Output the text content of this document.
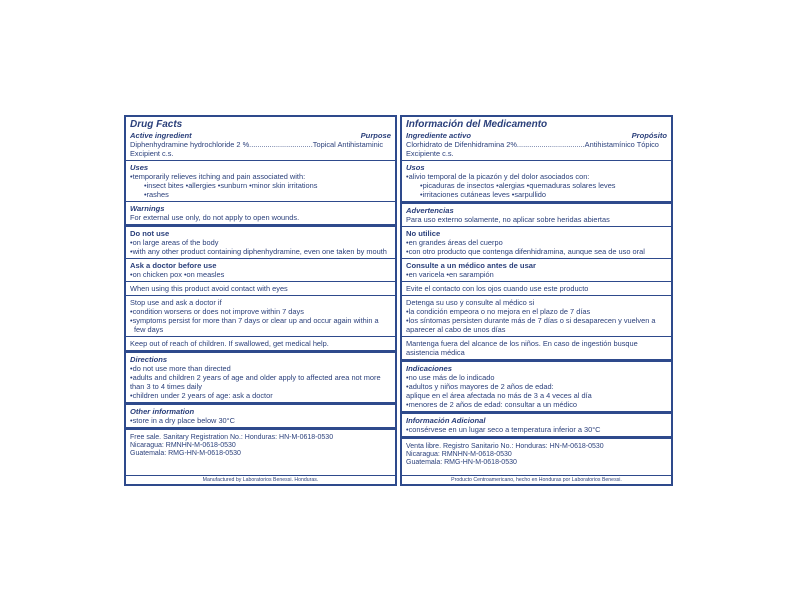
Drug Facts
Active ingredient	Purpose
Diphenhydramine hydrochloride 2 %...............................Topical Antihistaminic
Excipient c.s.
Uses
•temporarily relieves itching and pain associated with:
•insect bites •allergies •sunburn •minor skin irritations
•rashes
Warnings
For external use only, do not apply to open wounds.
Do not use
•on large areas of the body
•with any other product containing diphenhydramine, even one taken by mouth
Ask a doctor before use
•on chicken pox •on measles
When using this product avoid contact with eyes
Stop use and ask a doctor if
•condition worsens or does not improve within 7 days
•symptoms persist for more than 7 days or clear up and occur again within a
few days
Keep out of reach of children. If swallowed, get medical help.
Directions
•do not use more than directed
•adults and children 2 years of age and older apply to affected area not more
than 3 to 4 times daily
•children under 2 years of age: ask a doctor
Other information
•store in a dry place below 30°C
Free sale. Sanitary Registration No.: Honduras: HN-M-0618-0530
Nicaragua: RMNHN-M-0618-0530
Guatemala: RMG-HN-M-0618-0530
Manufactured by Laboratorios Benessi. Honduras.
Información del Medicamento
Ingrediente activo	Propósito
Clorhidrato de Difenhidramina 2%.................................Antihistamínico Tópico
Excipiente c.s.
Usos
•alivio temporal de la picazón y del dolor asociados con:
•picaduras de insectos •alergias •quemaduras solares leves
•irritaciones cutáneas leves •sarpullido
Advertencias
Para uso externo solamente, no aplicar sobre heridas abiertas
No utilice
•en grandes áreas del cuerpo
•con otro producto que contenga difenhidramina, aunque sea de uso oral
Consulte a un médico antes de usar
•en varicela •en sarampión
Evite el contacto con los ojos cuando use este producto
Detenga su uso y consulte al médico si
•la condición empeora o no mejora en el plazo de 7 días
•los síntomas persisten durante más de 7 días o si desaparecen y vuelven a
aparecer al cabo de unos días
Mantenga fuera del alcance de los niños. En caso de ingestión busque
asistencia médica
Indicaciones
•no use más de lo indicado
•adultos y niños mayores de 2 años de edad:
aplique en el área afectada no más de 3 a 4 veces al día
•menores de 2 años de edad: consultar a un médico
Información Adicional
•consérvese en un lugar seco a temperatura inferior a 30°C
Venta libre. Registro Sanitario No.: Honduras: HN-M-0618-0530
Nicaragua: RMNHN-M-0618-0530
Guatemala: RMG-HN-M-0618-0530
Producto Centroamericano, hecho en Honduras por Laboratorios Benessi.
